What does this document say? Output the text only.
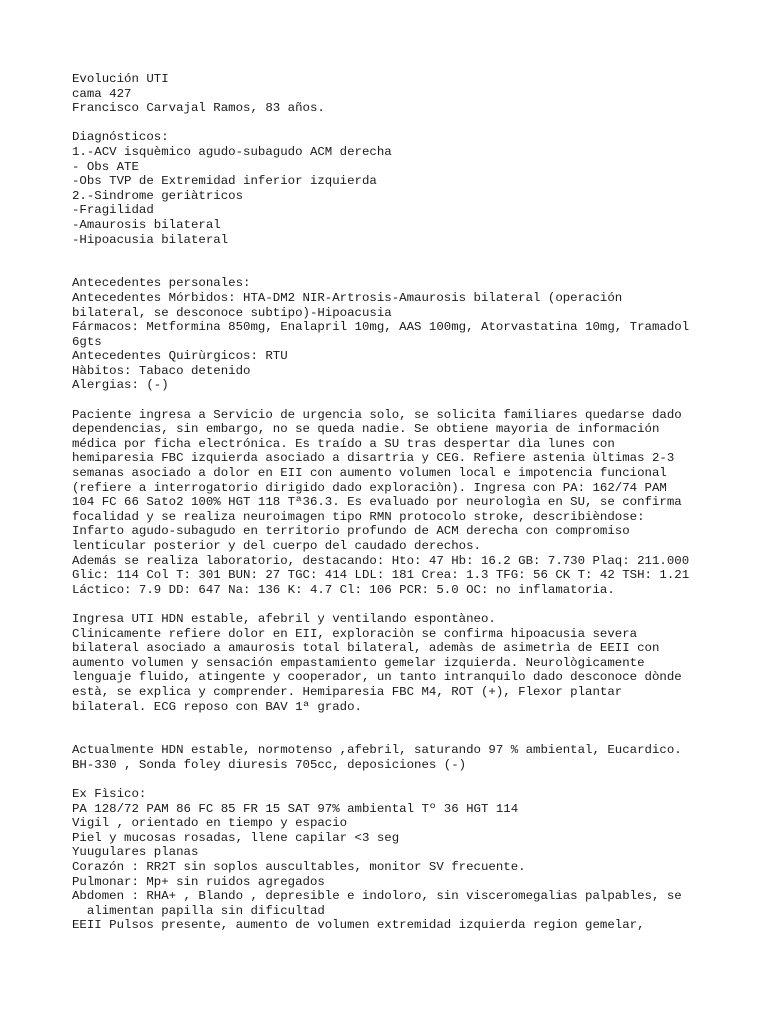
Evolución UTI
cama 427
Francisco Carvajal Ramos, 83 años.
Diagnósticos:
1.-ACV isquèmico agudo-subagudo ACM derecha
- Obs ATE
-Obs TVP de Extremidad inferior izquierda
2.-Sindrome geriàtricos
-Fragilidad
-Amaurosis bilateral
-Hipoacusia bilateral
Antecedentes personales:
Antecedentes Mórbidos: HTA-DM2 NIR-Artrosis-Amaurosis bilateral (operación
bilateral, se desconoce subtipo)-Hipoacusia
Fármacos: Metformina 850mg, Enalapril 10mg, AAS 100mg, Atorvastatina 10mg, Tramadol
6gts
Antecedentes Quirùrgicos: RTU
Hàbitos: Tabaco detenido
Alergias: (-)
Paciente ingresa a Servicio de urgencia solo, se solicita familiares quedarse dado
dependencias, sin embargo, no se queda nadie. Se obtiene mayoria de información
médica por ficha electrónica. Es traído a SU tras despertar dìa lunes con
hemiparesia FBC izquierda asociado a disartria y CEG. Refiere astenia ùltimas 2-3
semanas asociado a dolor en EII con aumento volumen local e impotencia funcional
(refiere a interrogatorio dirigido dado exploraciòn). Ingresa con PA: 162/74 PAM
104 FC 66 Sato2 100% HGT 118 Tª36.3. Es evaluado por neurologìa en SU, se confirma
focalidad y se realiza neuroimagen tipo RMN protocolo stroke, describièndose:
Infarto agudo-subagudo en territorio profundo de ACM derecha con compromiso
lenticular posterior y del cuerpo del caudado derechos.
Además se realiza laboratorio, destacando: Hto: 47 Hb: 16.2 GB: 7.730 Plaq: 211.000
Glic: 114 Col T: 301 BUN: 27 TGC: 414 LDL: 181 Crea: 1.3 TFG: 56 CK T: 42 TSH: 1.21
Láctico: 7.9 DD: 647 Na: 136 K: 4.7 Cl: 106 PCR: 5.0 OC: no inflamatoria.
Ingresa UTI HDN estable, afebril y ventilando espontàneo.
Clinicamente refiere dolor en EII, exploraciòn se confirma hipoacusia severa
bilateral asociado a amaurosis total bilateral, ademàs de asimetrìa de EEII con
aumento volumen y sensación empastamiento gemelar izquierda. Neurològicamente
lenguaje fluido, atingente y cooperador, un tanto intranquilo dado desconoce dònde
està, se explica y comprender. Hemiparesia FBC M4, ROT (+), Flexor plantar
bilateral. ECG reposo con BAV 1ª grado.
Actualmente HDN estable, normotenso ,afebril, saturando 97 % ambiental, Eucardico.
BH-330 , Sonda foley diuresis 705cc, deposiciones (-)
Ex Fìsico:
PA 128/72 PAM 86 FC 85 FR 15 SAT 97% ambiental Tº 36 HGT 114
Vigil , orientado en tiempo y espacio
Piel y mucosas rosadas, llene capilar <3 seg
Yuugulares planas
Corazón : RR2T sin soplos auscultables, monitor SV frecuente.
Pulmonar: Mp+ sin ruidos agregados
Abdomen : RHA+ , Blando , depresible e indoloro, sin visceromegalias palpables, se
alimentan papilla sin dificultad
EEII Pulsos presente, aumento de volumen extremidad izquierda region gemelar,
